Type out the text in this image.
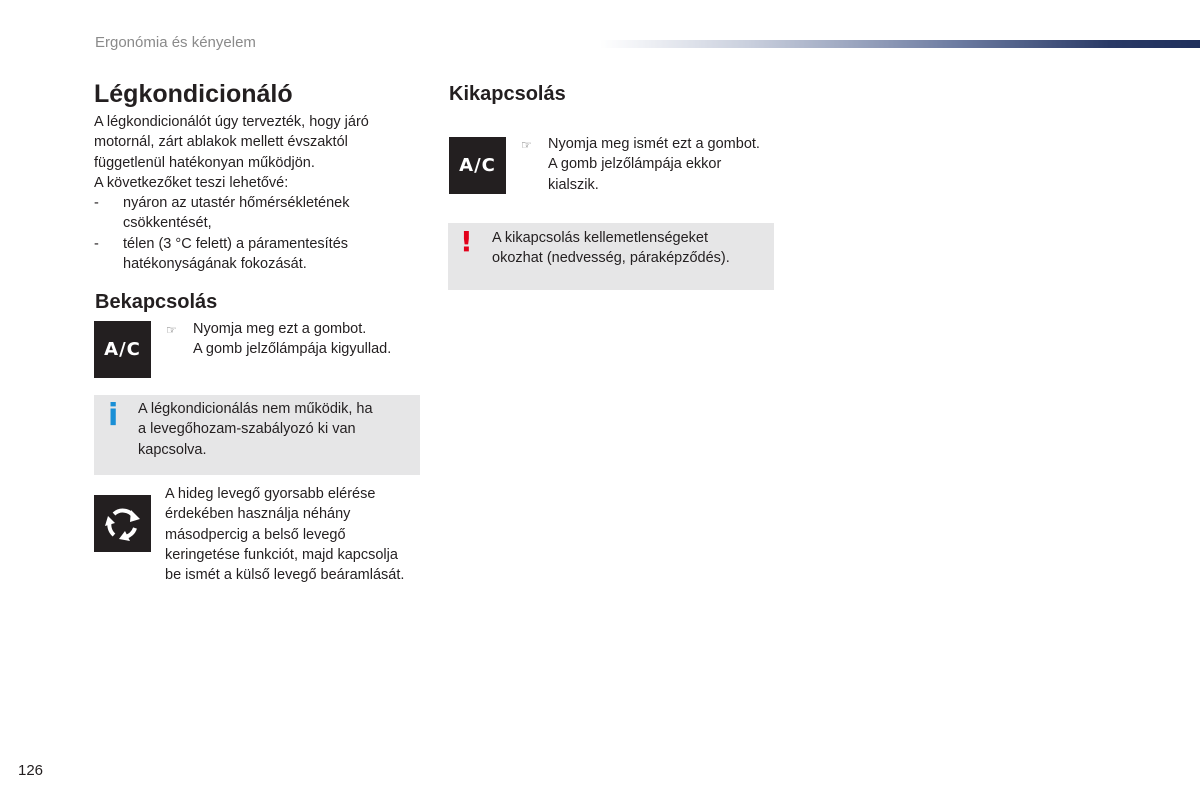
Ergonómia és kényelem
Légkondicionáló
A légkondicionálót úgy tervezték, hogy járó
motornál, zárt ablakok mellett évszaktól
függetlenül hatékonyan működjön.
A következőket teszi lehetővé:
-	nyáron az utastér hőmérsékletének
csökkentését,
-	télen (3 °C felett) a páramentesítés
hatékonyságának fokozását.
Bekapcsolás
A/C
☞	Nyomja meg ezt a gombot.
A gomb jelzőlámpája kigyullad.
i A légkondicionálás nem működik, ha
a levegőhozam-szabályozó ki van
kapcsolva.
A hideg levegő gyorsabb elérése
érdekében használja néhány
másodpercig a belső levegő
keringetése funkciót, majd kapcsolja
be ismét a külső levegő beáramlását.
Kikapcsolás
A/C
☞	Nyomja meg ismét ezt a gombot.
A gomb jelzőlámpája ekkor
kialszik.
! A kikapcsolás kellemetlenségeket
okozhat (nedvesség, páraképződés).
126
